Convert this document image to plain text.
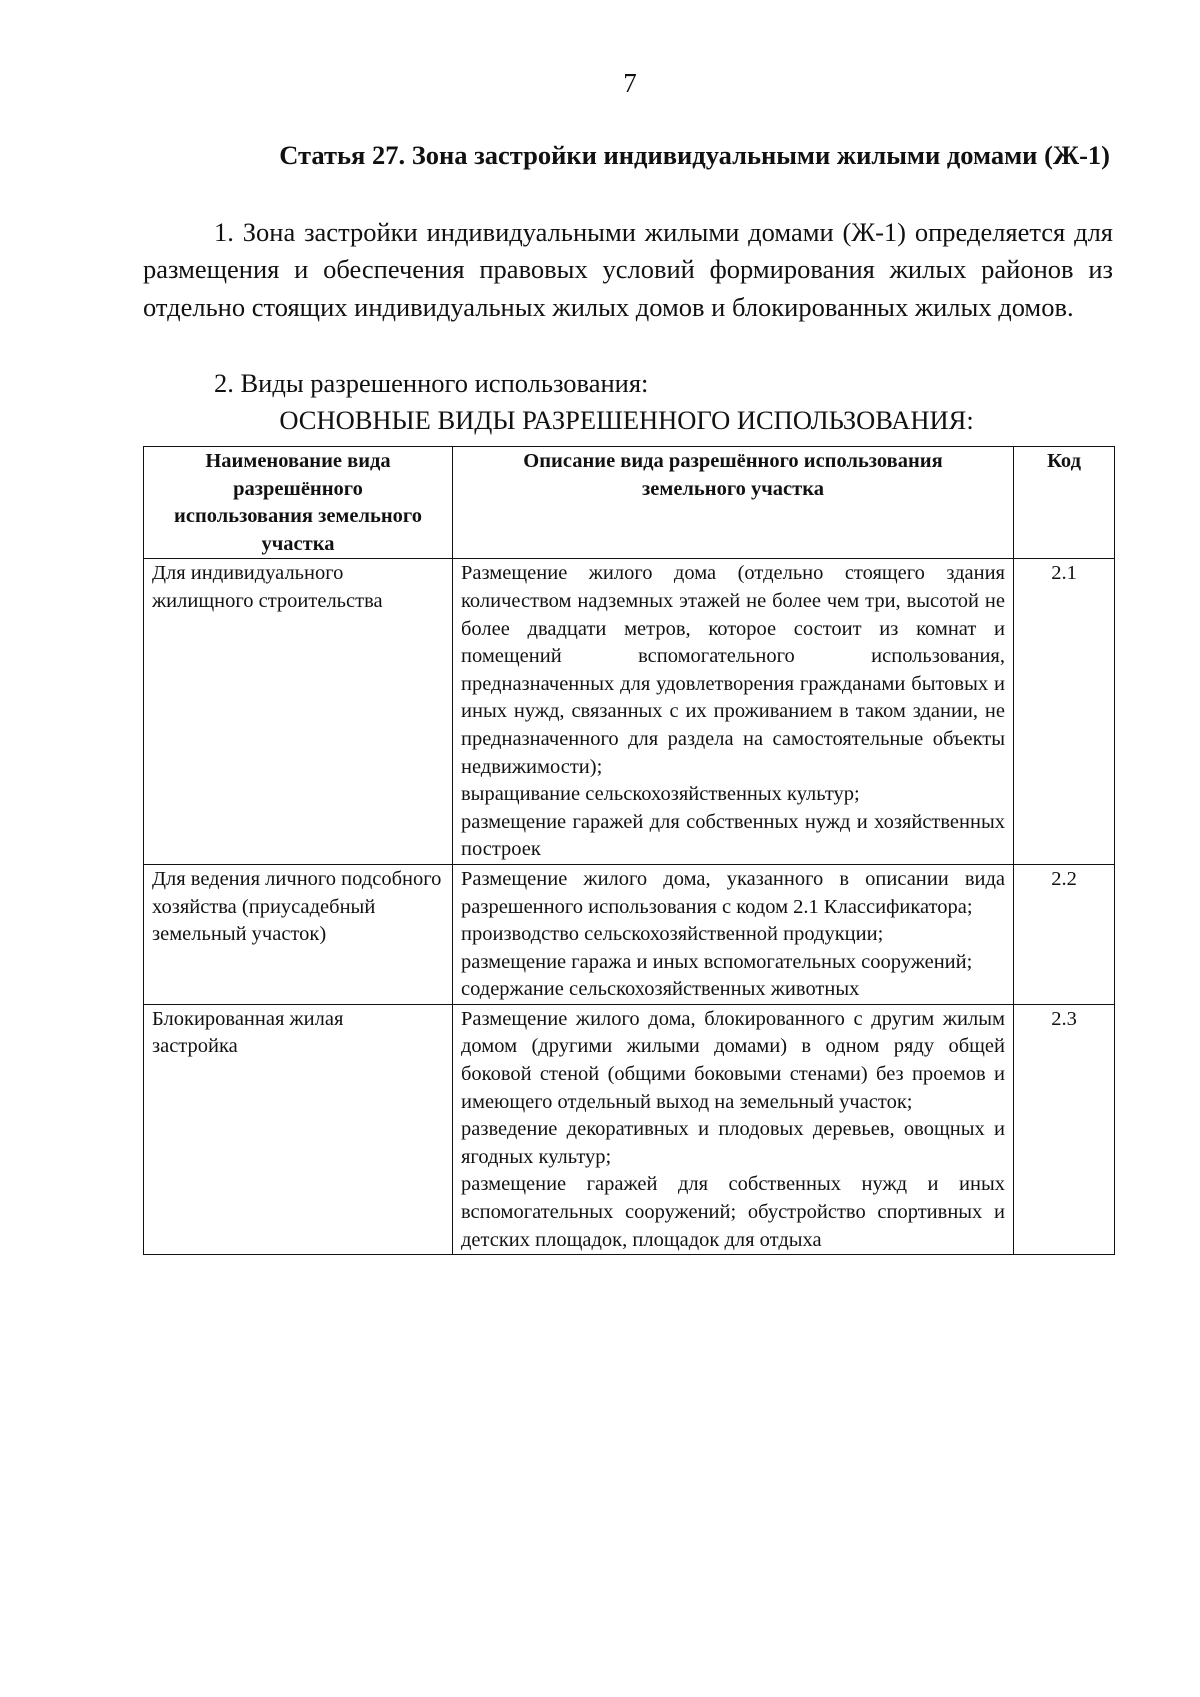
7
Статья 27. Зона застройки индивидуальными жилыми домами (Ж-1)

1. Зона застройки индивидуальными жилыми домами (Ж-1) определяется для размещения и обеспечения правовых условий формирования жилых районов из отдельно стоящих индивидуальных жилых домов и блокированных жилых домов.

2. Виды разрешенного использования:

ОСНОВНЫЕ ВИДЫ РАЗРЕШЕННОГО ИСПОЛЬЗОВАНИЯ:
Наименование вида разрешённого использования земельного участка	Описание вида разрешённого использования земельного участка	Код
Для индивидуального жилищного строительства	Размещение жилого дома (отдельно стоящего здания количеством надземных этажей не более чем три, высотой не более двадцати метров, которое состоит из комнат и помещений вспомогательного использования, предназначенных для удовлетворения гражданами бытовых и иных нужд, связанных с их проживанием в таком здании, не предназначенного для раздела на самостоятельные объекты недвижимости);
выращивание сельскохозяйственных культур;
размещение гаражей для собственных нужд и хозяйственных построек	2.1
Для ведения личного подсобного хозяйства (приусадебный земельный участок)	Размещение жилого дома, указанного в описании вида разрешенного использования с кодом 2.1 Классификатора;
производство сельскохозяйственной продукции;
размещение гаража и иных вспомогательных сооружений;
содержание сельскохозяйственных животных	2.2
Блокированная жилая застройка	Размещение жилого дома, блокированного с другим жилым домом (другими жилыми домами) в одном ряду общей боковой стеной (общими боковыми стенами) без проемов и имеющего отдельный выход на земельный участок;
разведение декоративных и плодовых деревьев, овощных и ягодных культур;
размещение гаражей для собственных нужд и иных вспомогательных сооружений; обустройство спортивных и детских площадок, площадок для отдыха	2.3
